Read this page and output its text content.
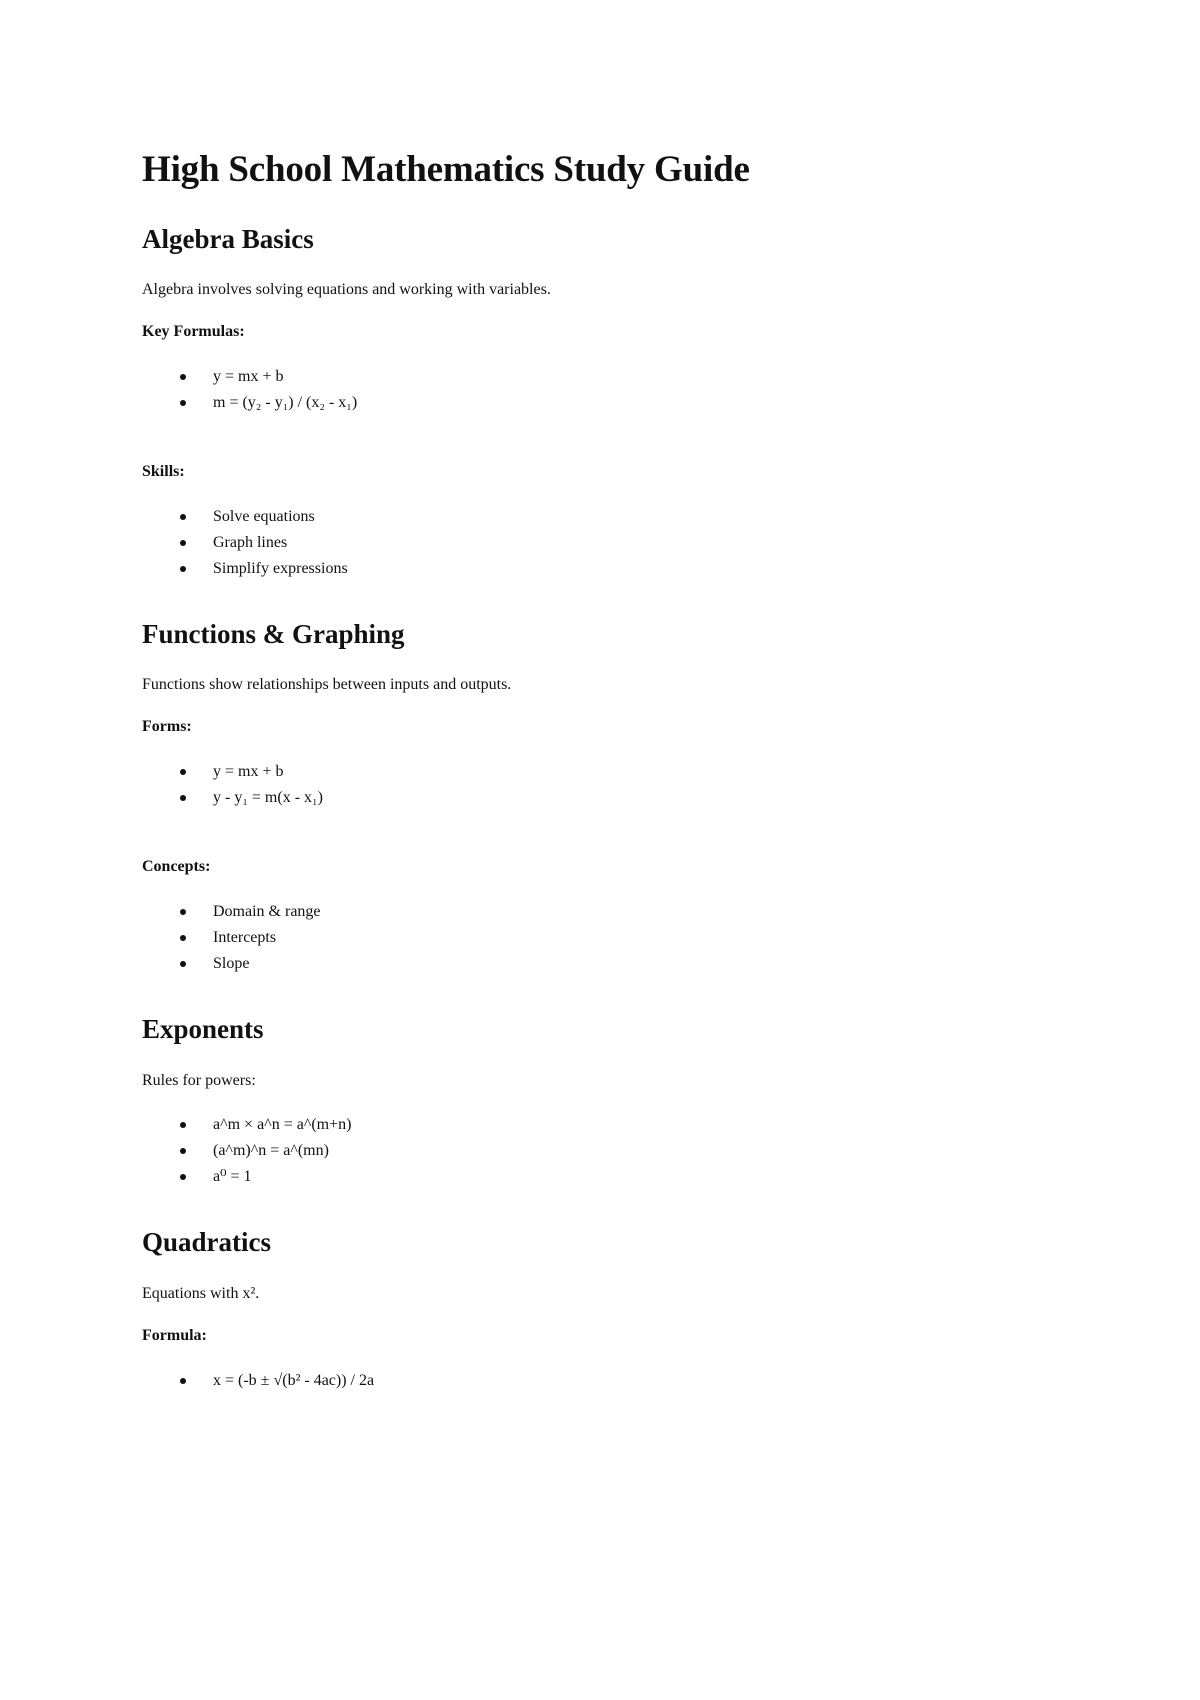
High School Mathematics Study Guide
Algebra Basics

Algebra involves solving equations and working with variables.

Key Formulas:

y = mx + b
m = (y₂ - y₁) / (x₂ - x₁)

Skills:

Solve equations
Graph lines
Simplify expressions
Functions & Graphing

Functions show relationships between inputs and outputs.

Forms:

y = mx + b
y - y₁ = m(x - x₁)

Concepts:

Domain & range
Intercepts
Slope
Exponents

Rules for powers:

a^m × a^n = a^(m+n)
(a^m)^n = a^(mn)
a⁰ = 1
Quadratics

Equations with x².

Formula:

x = (-b ± √(b² - 4ac)) / 2a
